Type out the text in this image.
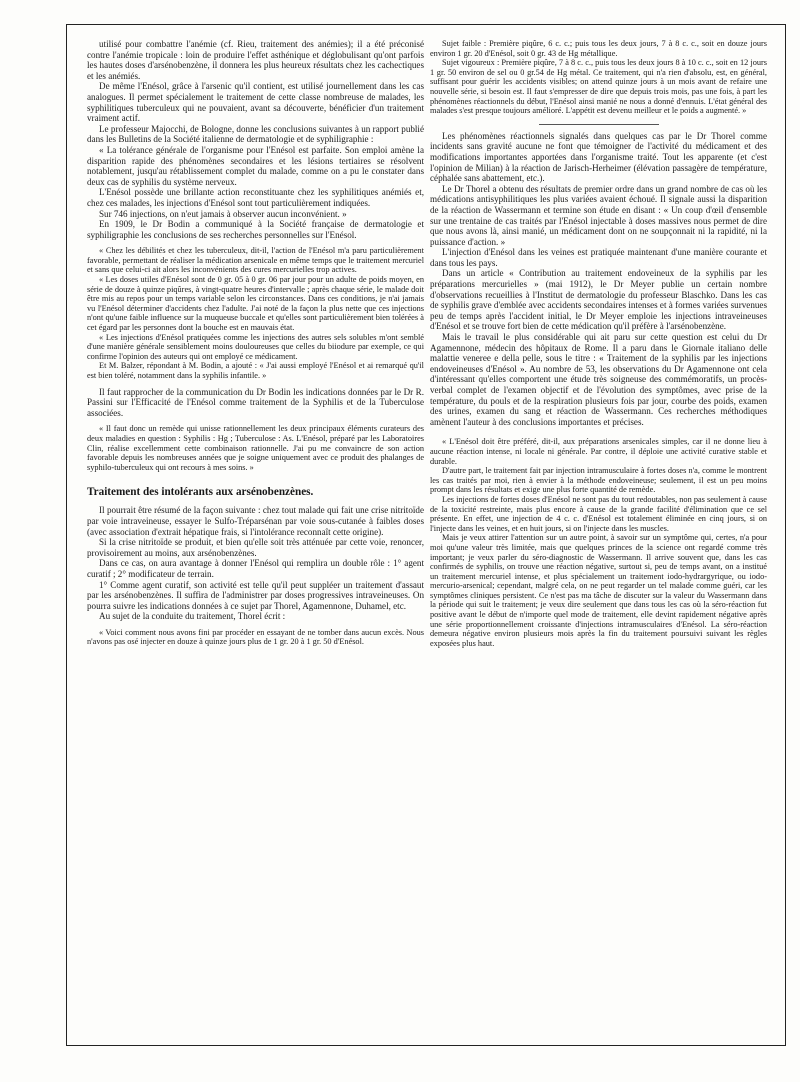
utilisé pour combattre l'anémie (cf. Rieu, traitement des anémies); il a été préconisé contre l'anémie tropicale : loin de produire l'effet asthénique et déglobulisant qu'ont parfois les hautes doses d'arsénobenzène, il donnera les plus heureux résultats chez les cachectiques et les anémiés.

De même l'Enésol, grâce à l'arsenic qu'il contient, est utilisé journellement dans les cas analogues. Il permet spécialement le traitement de cette classe nombreuse de malades, les syphilitiques tuberculeux qui ne pouvaient, avant sa découverte, bénéficier d'un traitement vraiment actif.

Le professeur Majocchi, de Bologne, donne les conclusions suivantes à un rapport publié dans les Bulletins de la Société italienne de dermatologie et de syphiligraphie :

« La tolérance générale de l'organisme pour l'Enésol est parfaite. Son emploi amène la disparition rapide des phénomènes secondaires et les lésions tertiaires se résolvent notablement, jusqu'au rétablissement complet du malade, comme on a pu le constater dans deux cas de syphilis du système nerveux.

L'Enésol possède une brillante action reconstituante chez les syphilitiques anémiés et, chez ces malades, les injections d'Enésol sont tout particulièrement indiquées.

Sur 746 injections, on n'eut jamais à observer aucun inconvénient. »

En 1909, le Dr Bodin a communiqué à la Société française de dermatologie et syphiligraphie les conclusions de ses recherches personnelles sur l'Enésol.

« Chez les débilités et chez les tuberculeux, dit-il, l'action de l'Enésol m'a paru particulièrement favorable, permettant de réaliser la médication arsenicale en même temps que le traitement mercuriel et sans que celui-ci ait alors les inconvénients des cures mercurielles trop actives.

« Les doses utiles d'Enésol sont de 0 gr. 05 à 0 gr. 06 par jour pour un adulte de poids moyen, en série de douze à quinze piqûres, à vingt-quatre heures d'intervalle ; après chaque série, le malade doit être mis au repos pour un temps variable selon les circonstances. Dans ces conditions, je n'ai jamais vu l'Enésol déterminer d'accidents chez l'adulte. J'ai noté de la façon la plus nette que ces injections n'ont qu'une faible influence sur la muqueuse buccale et qu'elles sont particulièrement bien tolérées à cet égard par les personnes dont la bouche est en mauvais état.

« Les injections d'Enésol pratiquées comme les injections des autres sels solubles m'ont semblé d'une manière générale sensiblement moins douloureuses que celles du biiodure par exemple, ce qui confirme l'opinion des auteurs qui ont employé ce médicament.

Et M. Balzer, répondant à M. Bodin, a ajouté : « J'ai aussi employé l'Enésol et ai remarqué qu'il est bien toléré, notamment dans la syphilis infantile. »

Il faut rapprocher de la communication du Dr Bodin les indications données par le Dr R. Passini sur l'Efficacité de l'Enésol comme traitement de la Syphilis et de la Tuberculose associées.

« Il faut donc un remède qui unisse rationnellement les deux principaux éléments curateurs des deux maladies en question : Syphilis : Hg ; Tuberculose : As. L'Enésol, préparé par les Laboratoires Clin, réalise excellemment cette combinaison rationnelle. J'ai pu me convaincre de son action favorable depuis les nombreuses années que je soigne uniquement avec ce produit des phalanges de syphilo-tuberculeux qui ont recours à mes soins. »

Traitement des intolérants aux arsénobenzènes.

Il pourrait être résumé de la façon suivante : chez tout malade qui fait une crise nitritoïde par voie intraveineuse, essayer le Sulfo-Tréparsénan par voie sous-cutanée à faibles doses (avec association d'extrait hépatique frais, si l'intolérance reconnaît cette origine).

Si la crise nitritoïde se produit, et bien qu'elle soit très atténuée par cette voie, renoncer, provisoirement au moins, aux arsénobenzènes.

Dans ce cas, on aura avantage à donner l'Enésol qui remplira un double rôle : 1° agent curatif ; 2° modificateur de terrain.

1° Comme agent curatif, son activité est telle qu'il peut suppléer un traitement d'assaut par les arsénobenzènes. Il suffira de l'administrer par doses progressives intraveineuses. On pourra suivre les indications données à ce sujet par Thorel, Agamennone, Duhamel, etc.

Au sujet de la conduite du traitement, Thorel écrit :

« Voici comment nous avons fini par procéder en essayant de ne tomber dans aucun excès. Nous n'avons pas osé injecter en douze à quinze jours plus de 1 gr. 20 à 1 gr. 50 d'Enésol.

Sujet faible : Première piqûre, 6 c. c.; puis tous les deux jours, 7 à 8 c. c., soit en douze jours environ 1 gr. 20 d'Enésol, soit 0 gr. 43 de Hg métallique.

Sujet vigoureux : Première piqûre, 7 à 8 c. c., puis tous les deux jours 8 à 10 c. c., soit en 12 jours 1 gr. 50 environ de sel ou 0 gr.54 de Hg métal. Ce traitement, qui n'a rien d'absolu, est, en général, suffisant pour guérir les accidents visibles; on attend quinze jours à un mois avant de refaire une nouvelle série, si besoin est. Il faut s'empresser de dire que depuis trois mois, pas une fois, à part les phénomènes réactionnels du début, l'Enésol ainsi manié ne nous a donné d'ennuis. L'état général des malades s'est presque toujours amélioré. L'appétit est devenu meilleur et le poids a augmenté. »

Les phénomènes réactionnels signalés dans quelques cas par le Dr Thorel comme incidents sans gravité aucune ne font que témoigner de l'activité du médicament et des modifications importantes apportées dans l'organisme traité. Tout les apparente (et c'est l'opinion de Milian) à la réaction de Jarisch-Herheimer (élévation passagère de température, céphalée sans abattement, etc.).

Le Dr Thorel a obtenu des résultats de premier ordre dans un grand nombre de cas où les médications antisyphilitiques les plus variées avaient échoué. Il signale aussi la disparition de la réaction de Wassermann et termine son étude en disant : « Un coup d'œil d'ensemble sur une trentaine de cas traités par l'Enésol injectable à doses massives nous permet de dire que nous avons là, ainsi manié, un médicament dont on ne soupçonnait ni la rapidité, ni la puissance d'action. »

L'injection d'Enésol dans les veines est pratiquée maintenant d'une manière courante et dans tous les pays.

Dans un article « Contribution au traitement endoveineux de la syphilis par les préparations mercurielles » (mai 1912), le Dr Meyer publie un certain nombre d'observations recueillies à l'Institut de dermatologie du professeur Blaschko. Dans les cas de syphilis grave d'emblée avec accidents secondaires intenses et à formes variées survenues peu de temps après l'accident initial, le Dr Meyer emploie les injections intraveineuses d'Enésol et se trouve fort bien de cette médication qu'il préfère à l'arsénobenzène.

Mais le travail le plus considérable qui ait paru sur cette question est celui du Dr Agamennone, médecin des hôpitaux de Rome. Il a paru dans le Giornale italiano delle malattie veneree e della pelle, sous le titre : « Traitement de la syphilis par les injections endoveineuses d'Enésol ». Au nombre de 53, les observations du Dr Agamennone ont cela d'intéressant qu'elles comportent une étude très soigneuse des commémoratifs, un procès-verbal complet de l'examen objectif et de l'évolution des symptômes, avec prise de la température, du pouls et de la respiration plusieurs fois par jour, courbe des poids, examen des urines, examen du sang et réaction de Wassermann. Ces recherches méthodiques amènent l'auteur à des conclusions importantes et précises.

« L'Enésol doit être préféré, dit-il, aux préparations arsenicales simples, car il ne donne lieu à aucune réaction intense, ni locale ni générale. Par contre, il déploie une activité curative stable et durable.

D'autre part, le traitement fait par injection intramusculaire à fortes doses n'a, comme le montrent les cas traités par moi, rien à envier à la méthode endoveineuse; seulement, il est un peu moins prompt dans les résultats et exige une plus forte quantité de remède.

Les injections de fortes doses d'Enésol ne sont pas du tout redoutables, non pas seulement à cause de la toxicité restreinte, mais plus encore à cause de la grande facilité d'élimination que ce sel présente. En effet, une injection de 4 c. c. d'Enésol est totalement éliminée en cinq jours, si on l'injecte dans les veines, et en huit jours, si on l'injecte dans les muscles.

Mais je veux attirer l'attention sur un autre point, à savoir sur un symptôme qui, certes, n'a pour moi qu'une valeur très limitée, mais que quelques princes de la science ont regardé comme très important; je veux parler du séro-diagnostic de Wassermann. Il arrive souvent que, dans les cas confirmés de syphilis, on trouve une réaction négative, surtout si, peu de temps avant, on a institué un traitement mercuriel intense, et plus spécialement un traitement iodo-hydrargyrique, ou iodo-mercurio-arsenical; cependant, malgré cela, on ne peut regarder un tel malade comme guéri, car les symptômes cliniques persistent. Ce n'est pas ma tâche de discuter sur la valeur du Wassermann dans la période qui suit le traitement; je veux dire seulement que dans tous les cas où la séro-réaction fut positive avant le début de n'importe quel mode de traitement, elle devint rapidement négative après une série proportionnellement croissante d'injections intramusculaires d'Enésol. La séro-réaction demeura négative environ plusieurs mois après la fin du traitement poursuivi suivant les règles exposées plus haut.
